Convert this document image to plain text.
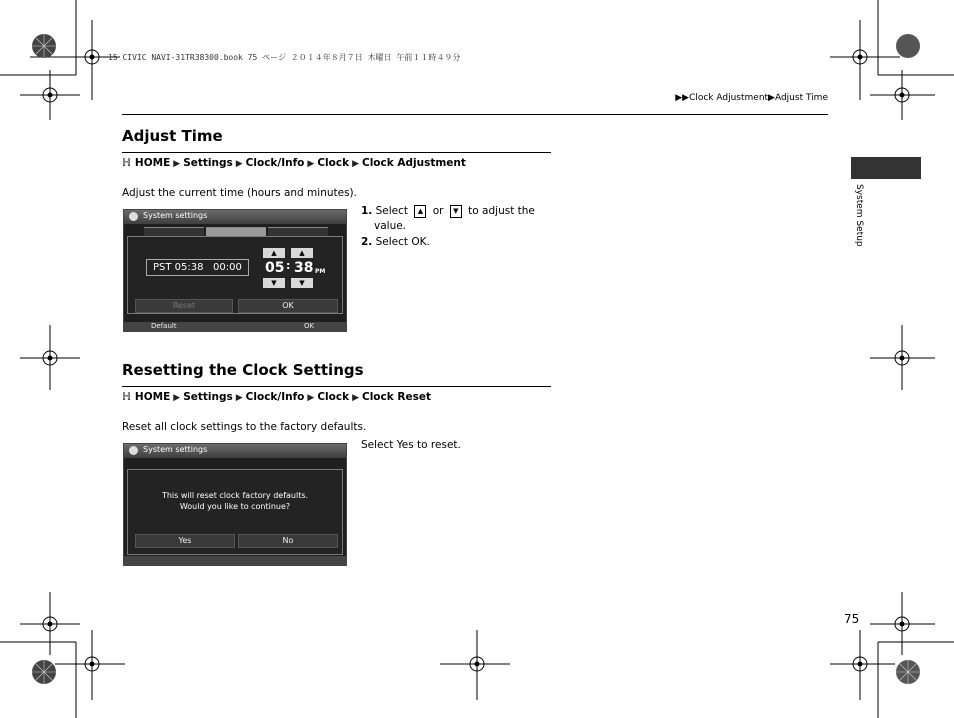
15 CIVIC NAVI-31TR38300.book 75 ページ ２０１４年８月７日 木曜日 午前１１時４９分
▶▶Clock Adjustment▶Adjust Time
System Setup
Adjust Time
ℍ HOME ▶ Settings ▶ Clock/Info ▶ Clock ▶ Clock Adjustment
Adjust the current time (hours and minutes).
System settings
PST 05:38 00:00
▲	▲
05 : 38 PM
▼	▼
Reset	OK
Default	OK
1. Select ▲ or ▼ to adjust the
value.
2. Select OK.
Resetting the Clock Settings
ℍ HOME ▶ Settings ▶ Clock/Info ▶ Clock ▶ Clock Reset
Reset all clock settings to the factory defaults.
System settings
This will reset clock factory defaults.
Would you like to continue?
Yes	No
Select Yes to reset.
75
